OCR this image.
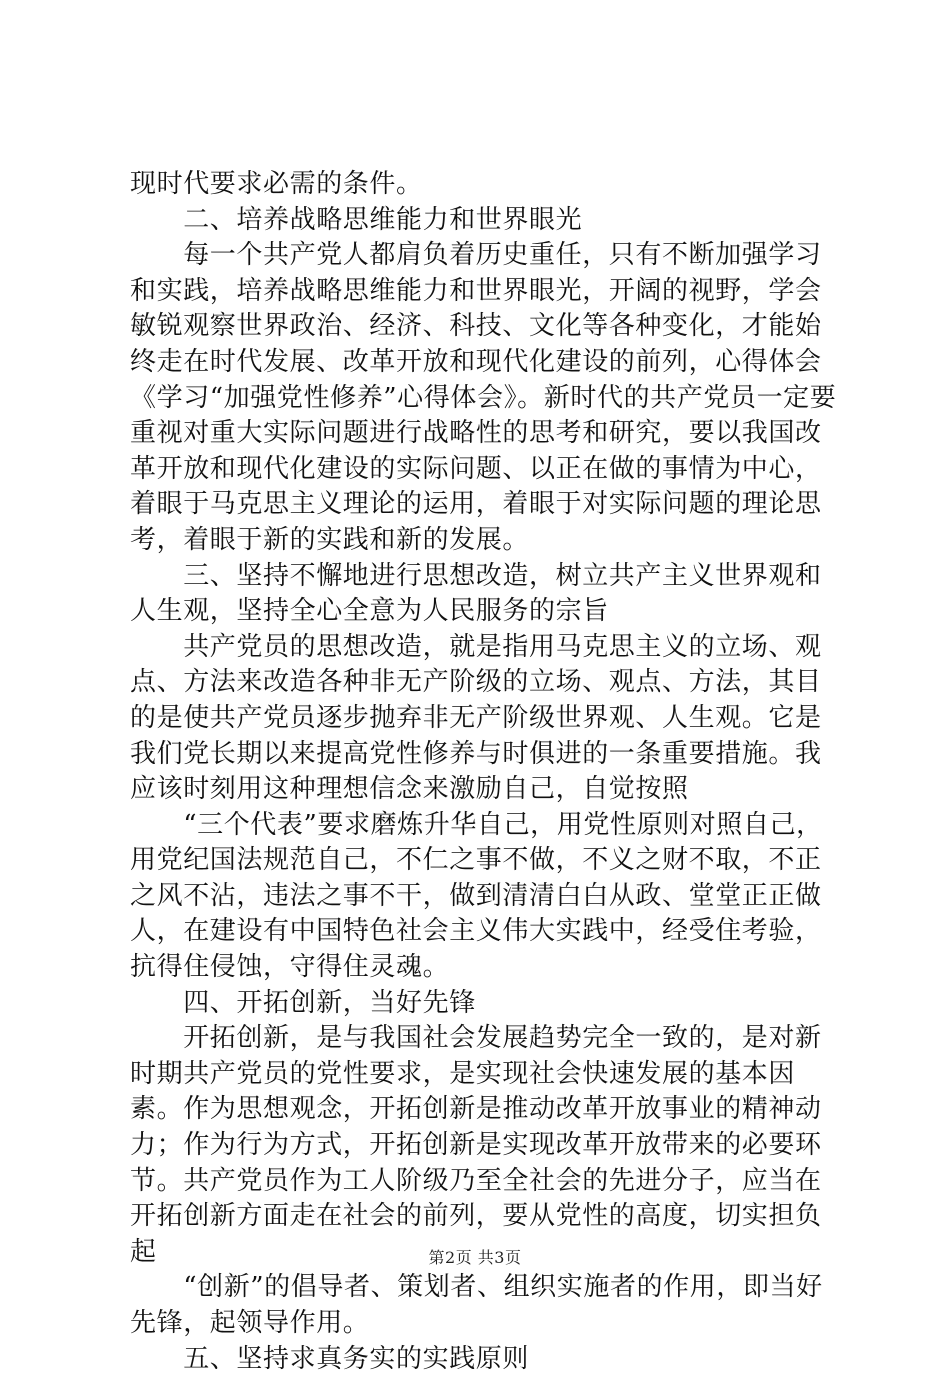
现时代要求必需的条件。

　　二、培养战略思维能力和世界眼光

　　每一个共产党人都肩负着历史重任，只有不断加强学习和实践，培养战略思维能力和世界眼光，开阔的视野，学会敏锐观察世界政治、经济、科技、文化等各种变化，才能始终走在时代发展、改革开放和现代化建设的前列，心得体会《学习“加强党性修养”心得体会》。新时代的共产党员一定要重视对重大实际问题进行战略性的思考和研究，要以我国改革开放和现代化建设的实际问题、以正在做的事情为中心，着眼于马克思主义理论的运用，着眼于对实际问题的理论思考，着眼于新的实践和新的发展。

　　三、坚持不懈地进行思想改造，树立共产主义世界观和人生观，坚持全心全意为人民服务的宗旨

　　共产党员的思想改造，就是指用马克思主义的立场、观点、方法来改造各种非无产阶级的立场、观点、方法，其目的是使共产党员逐步抛弃非无产阶级世界观、人生观。它是我们党长期以来提高党性修养与时俱进的一条重要措施。我应该时刻用这种理想信念来激励自己，自觉按照

　　“三个代表”要求磨炼升华自己，用党性原则对照自己，用党纪国法规范自己，不仁之事不做，不义之财不取，不正之风不沾，违法之事不干，做到清清白白从政、堂堂正正做人，在建设有中国特色社会主义伟大实践中，经受住考验，抗得住侵蚀，守得住灵魂。

　　四、开拓创新，当好先锋

　　开拓创新，是与我国社会发展趋势完全一致的，是对新时期共产党员的党性要求，是实现社会快速发展的基本因素。作为思想观念，开拓创新是推动改革开放事业的精神动力；作为行为方式，开拓创新是实现改革开放带来的必要环节。共产党员作为工人阶级乃至全社会的先进分子，应当在开拓创新方面走在社会的前列，要从党性的高度，切实担负起

　　“创新”的倡导者、策划者、组织实施者的作用，即当好先锋，起领导作用。

　　五、坚持求真务实的实践原则

第2页 共3页
